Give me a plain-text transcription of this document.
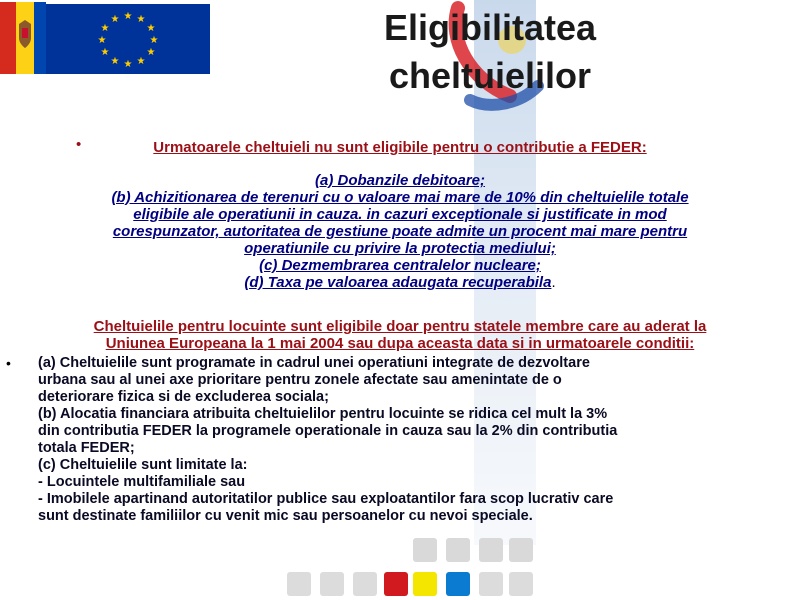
★ ★
★
★
★
★
★
★
★
★
★
★	Eligibilitatea
cheltuielilor
•	Urmatoarele cheltuieli nu sunt eligibile pentru o contributie a FEDER:
(a) Dobanzile debitoare;
(b) Achizitionarea de terenuri cu o valoare mai mare de 10% din cheltuielile totale
eligibile ale operatiunii in cauza. in cazuri exceptionale si justificate in mod
corespunzator, autoritatea de gestiune poate admite un procent mai mare pentru
operatiunile cu privire la protectia mediului;
(c) Dezmembrarea centralelor nucleare;
(d) Taxa pe valoarea adaugata recuperabila.
Cheltuielile pentru locuinte sunt eligibile doar pentru statele membre care au aderat la
Uniunea Europeana la 1 mai 2004 sau dupa aceasta data si in urmatoarele conditii:
• (a) Cheltuielile sunt programate in cadrul unei operatiuni integrate de dezvoltare
urbana sau al unei axe prioritare pentru zonele afectate sau amenintate de o
deteriorare fizica si de excluderea sociala;
(b) Alocatia financiara atribuita cheltuielilor pentru locuinte se ridica cel mult la 3%
din contributia FEDER la programele operationale in cauza sau la 2% din contributia
totala FEDER;
(c) Cheltuielile sunt limitate la:
- Locuintele multifamiliale sau
- Imobilele apartinand autoritatilor publice sau exploatantilor fara scop lucrativ care
sunt destinate familiilor cu venit mic sau persoanelor cu nevoi speciale.
